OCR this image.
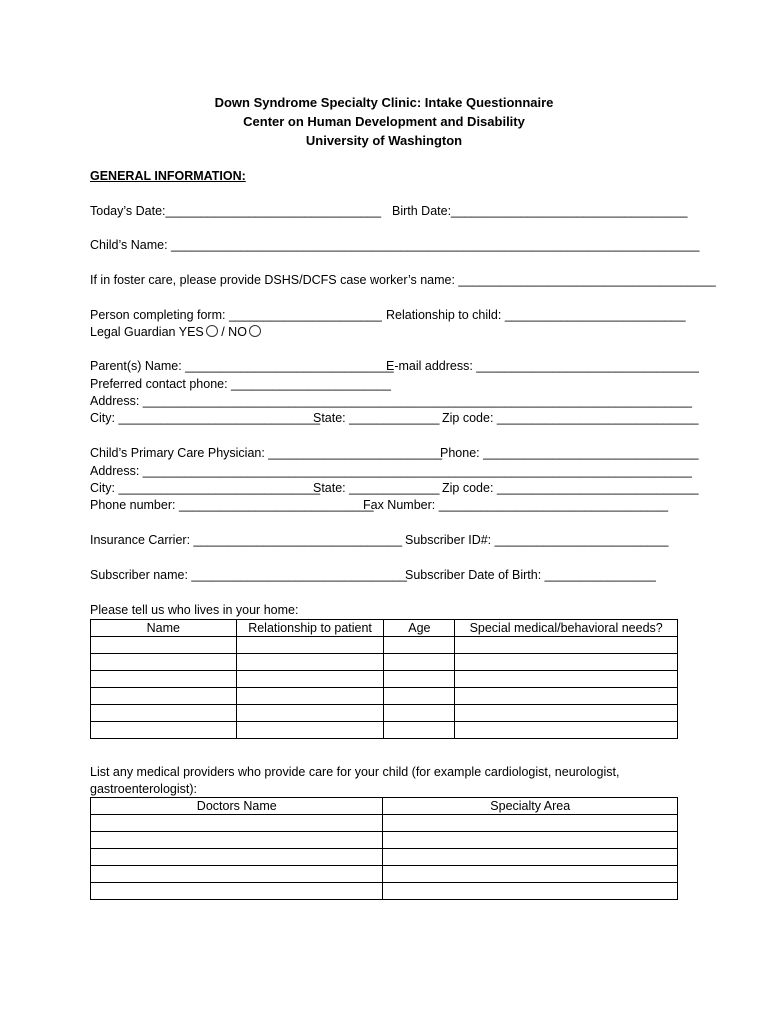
Down Syndrome Specialty Clinic: Intake Questionnaire
Center on Human Development and Disability
University of Washington
GENERAL INFORMATION:
Today’s Date:_______________________________ Birth Date:__________________________________
Child’s Name: ____________________________________________________________________________
If in foster care, please provide DSHS/DCFS case worker’s name: _____________________________________
Person completing form: ______________________ Relationship to child: __________________________
Legal Guardian YES / NO
Parent(s) Name: ______________________________
E-mail address: ________________________________
Preferred contact phone: _______________________
Address: _______________________________________________________________________________
City: _____________________________
State: _____________ Zip code: _____________________________
Child’s Primary Care Physician: _________________________
Phone: _______________________________
Address: _______________________________________________________________________________
City: _____________________________
State: _____________ Zip code: _____________________________
Phone number: ____________________________
Fax Number: _________________________________
Insurance Carrier: ______________________________ Subscriber ID#: _________________________
Subscriber name: _______________________________
Subscriber Date of Birth: ________________
Please tell us who lives in your home:
Name	Relationship to patient	Age	Special medical/behavioral needs?

List any medical providers who provide care for your child (for example cardiologist, neurologist,
gastroenterologist):
Doctors Name	Specialty Area
